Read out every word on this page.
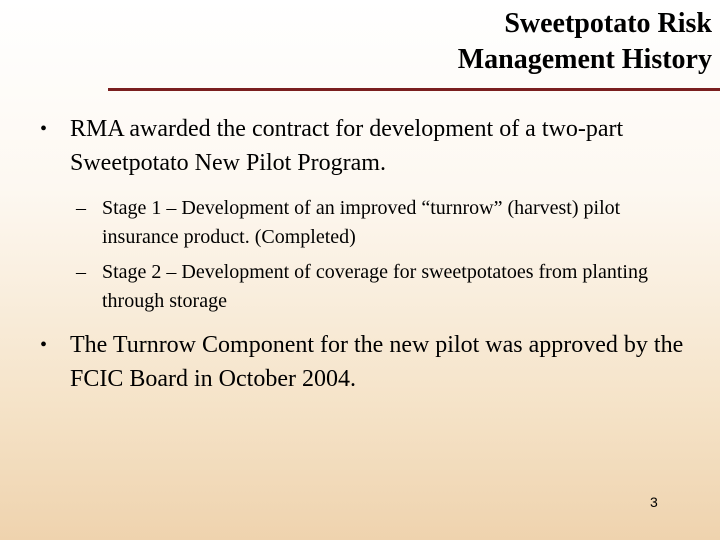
Sweetpotato Risk
Management History
• RMA awarded the contract for development of a two-part Sweetpotato New Pilot Program.
– Stage 1 – Development of an improved “turnrow” (harvest) pilot insurance product. (Completed)
– Stage 2 – Development of coverage for sweetpotatoes from planting through storage
• The Turnrow Component for the new pilot was approved by the FCIC Board in October 2004.
3
